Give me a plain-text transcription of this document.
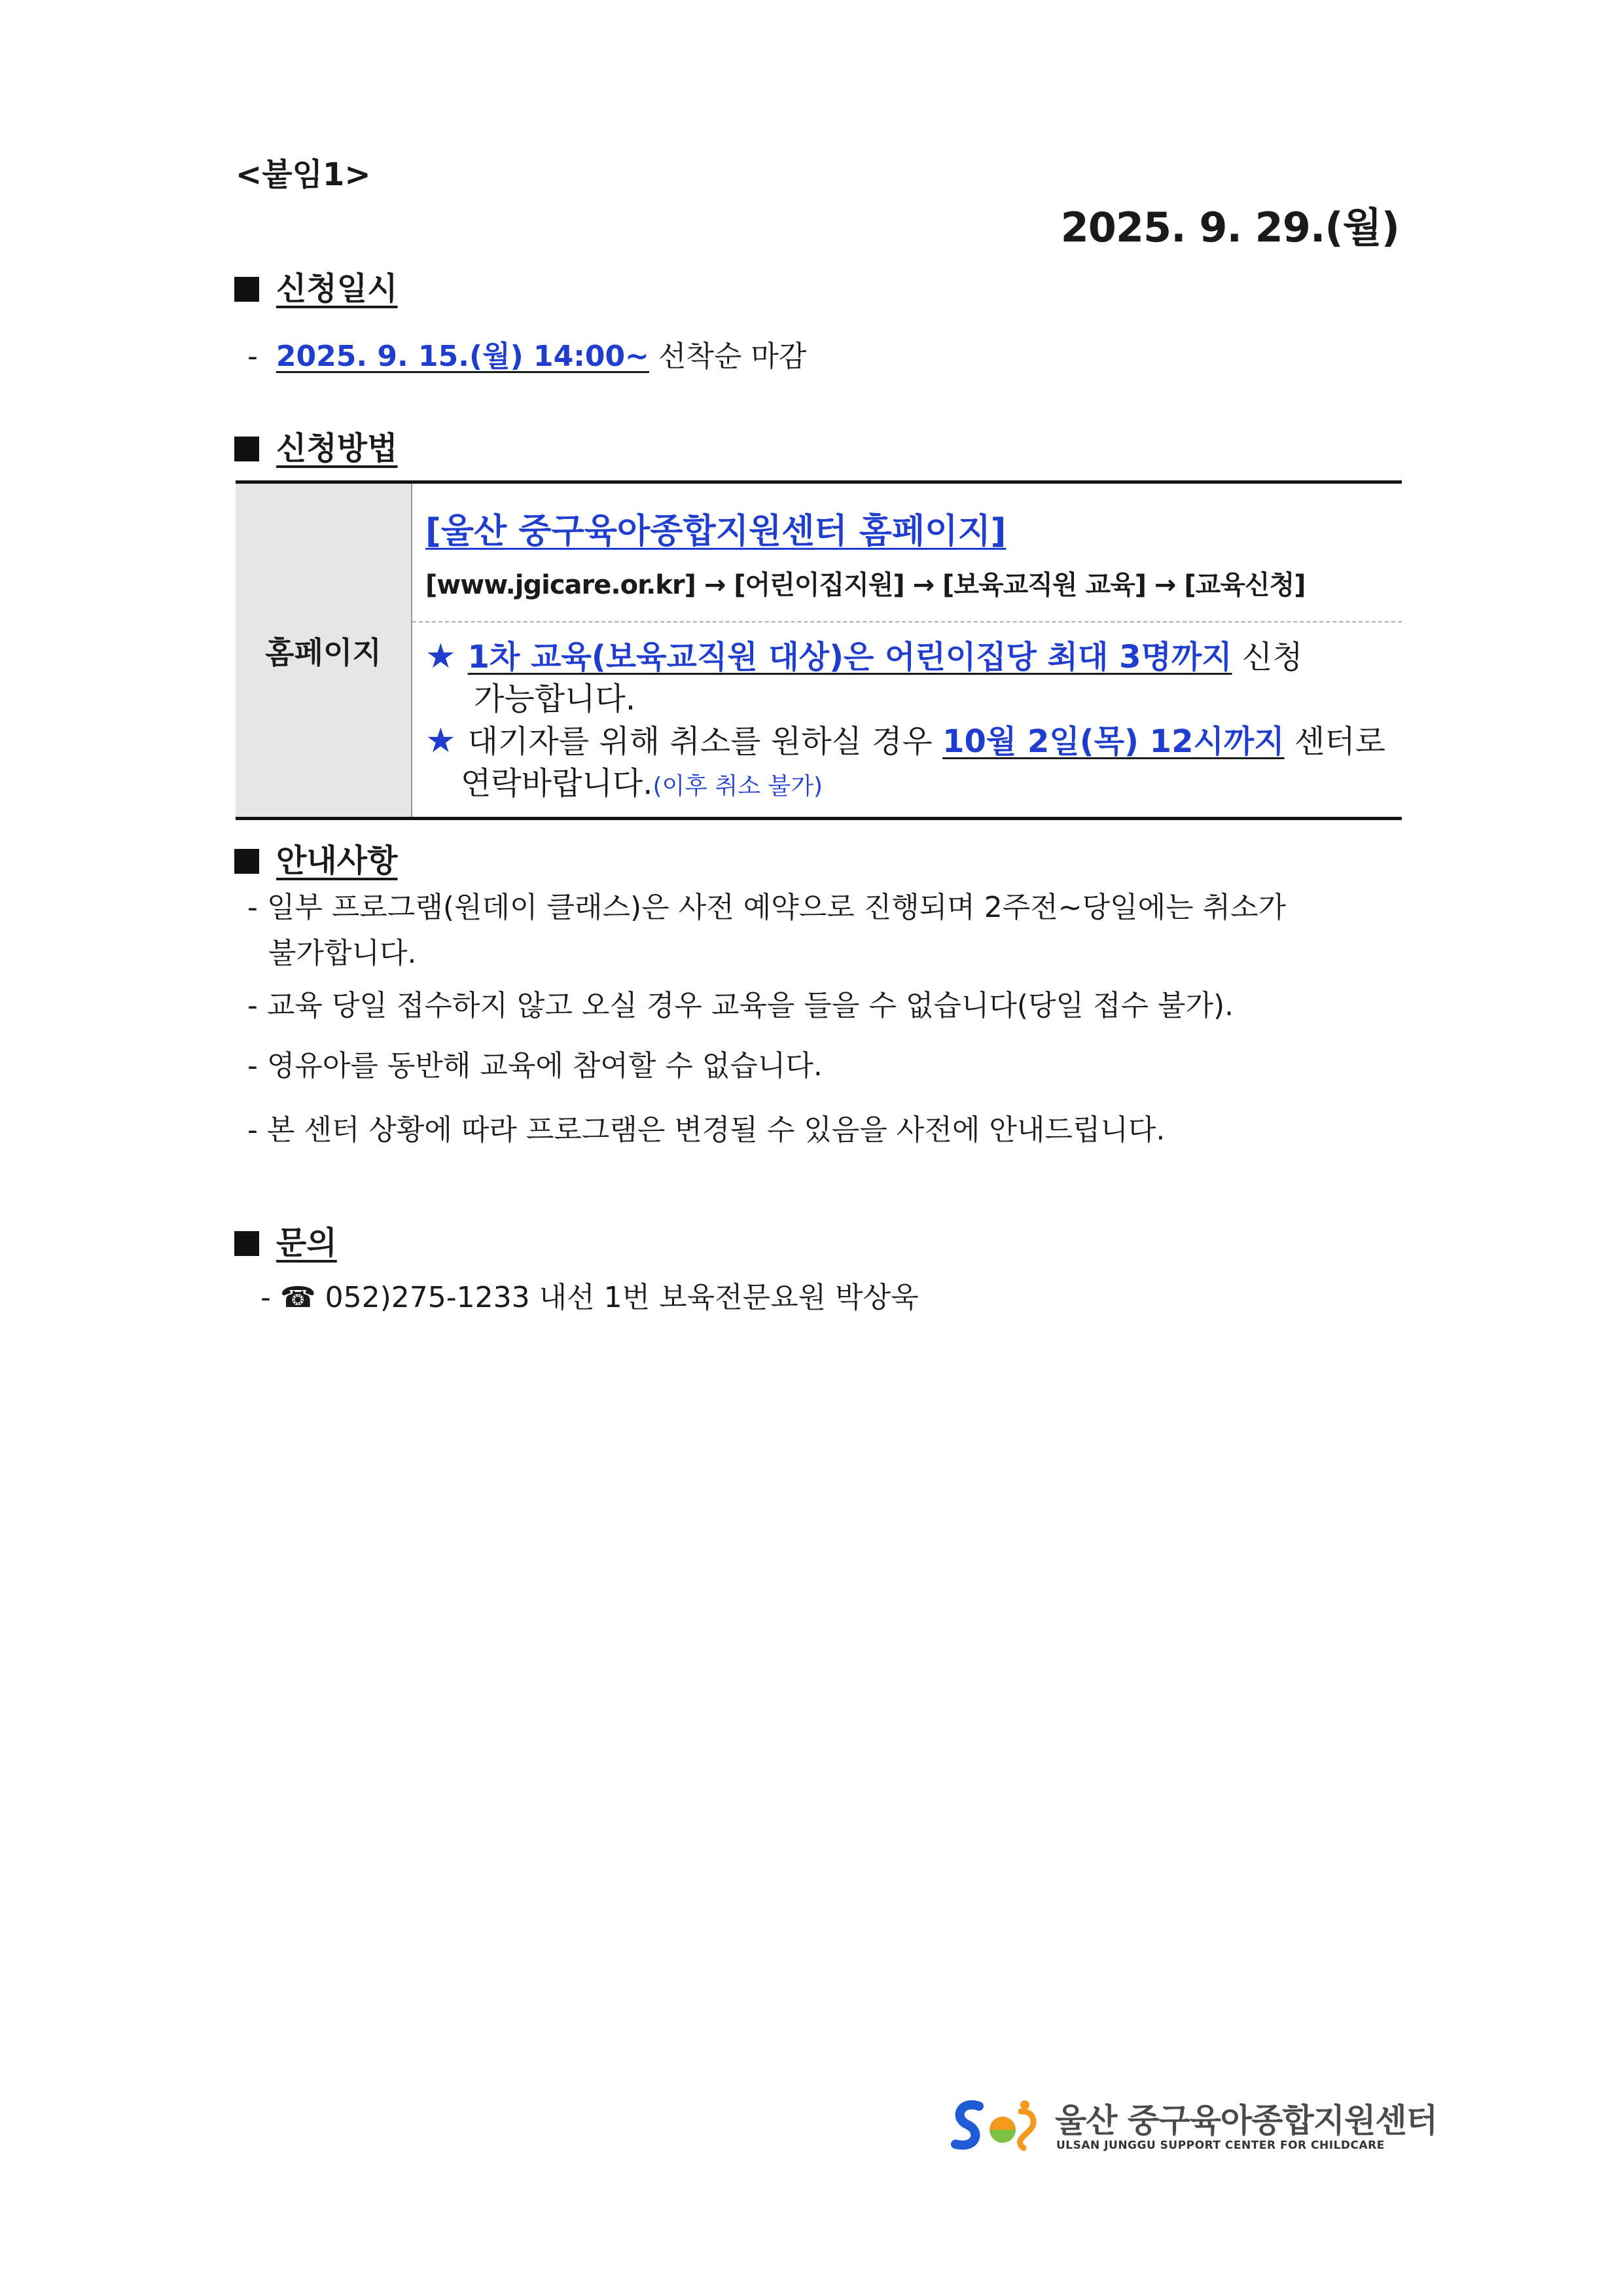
<붙임1>
2025. 9. 29.(월)
신청일시
- 2025. 9. 15.(월) 14:00~ 선착순 마감
신청방법
홈페이지	
[울산 중구육아종합지원센터 홈페이지]
[www.jgicare.or.kr] → [어린이집지원] → [보육교직원 교육] → [교육신청]

★ 1차 교육(보육교직원 대상)은 어린이집당 최대 3명까지 신청
가능합니다.
★ 대기자를 위해 취소를 원하실 경우 10월 2일(목) 12시까지 센터로
연락바랍니다.(이후 취소 불가)
안내사항
- 일부 프로그램(원데이 클래스)은 사전 예약으로 진행되며 2주전~당일에는 취소가
불가합니다.
- 교육 당일 접수하지 않고 오실 경우 교육을 들을 수 없습니다(당일 접수 불가).
- 영유아를 동반해 교육에 참여할 수 없습니다.
- 본 센터 상황에 따라 프로그램은 변경될 수 있음을 사전에 안내드립니다.
문의
- ☎ 052)275-1233 내선 1번 보육전문요원 박상욱
울산 중구육아종합지원센터
ULSAN JUNGGU SUPPORT CENTER FOR CHILDCARE
